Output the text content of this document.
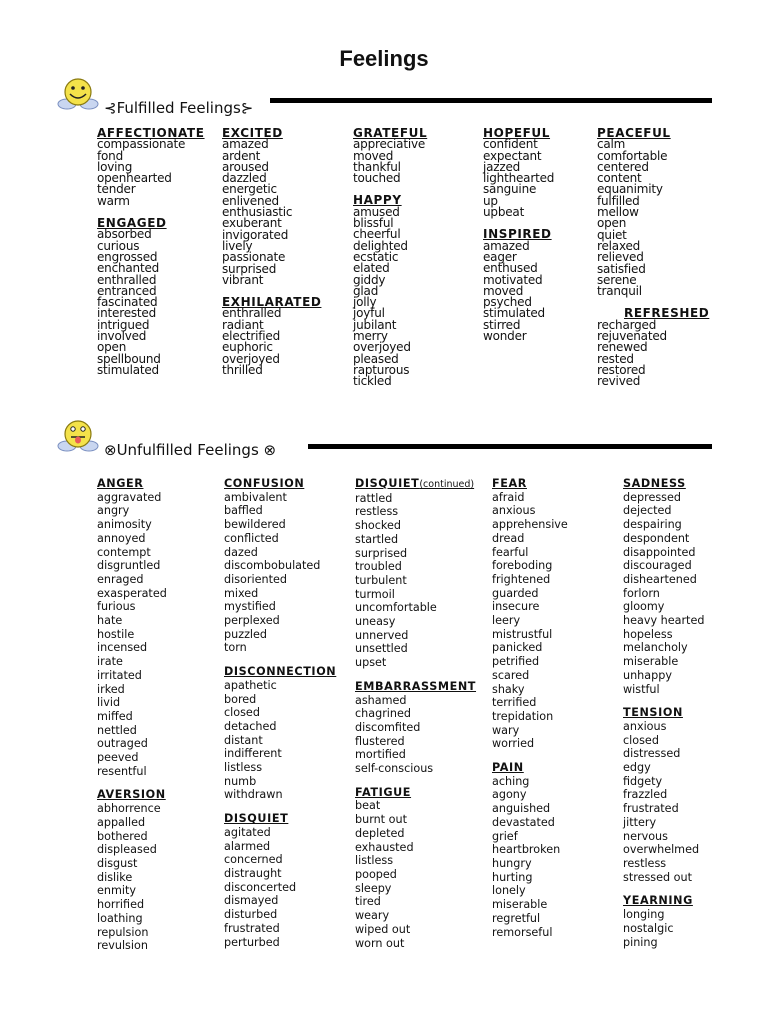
Feelings
⊰Fulfilled Feelings⊱
AFFECTIONATE
compassionate
fond
loving
openhearted
tender
warm
ENGAGED
absorbed
curious
engrossed
enchanted
enthralled
entranced
fascinated
interested
intrigued
involved
open
spellbound
stimulated
EXCITED
amazed
ardent
aroused
dazzled
energetic
enlivened
enthusiastic
exuberant
invigorated
lively
passionate
surprised
vibrant
EXHILARATED
enthralled
radiant
electrified
euphoric
overjoyed
thrilled
GRATEFUL
appreciative
moved
thankful
touched
HAPPY
amused
blissful
cheerful
delighted
ecstatic
elated
giddy
glad
jolly
joyful
jubilant
merry
overjoyed
pleased
rapturous
tickled
HOPEFUL
confident
expectant
jazzed
lighthearted
sanguine
up
upbeat
INSPIRED
amazed
eager
enthused
motivated
moved
psyched
stimulated
stirred
wonder
PEACEFUL
calm
comfortable
centered
content
equanimity
fulfilled
mellow
open
quiet
relaxed
relieved
satisfied
serene
tranquil
REFRESHED
recharged
rejuvenated
renewed
rested
restored
revived
⊗Unfulfilled Feelings ⊗
ANGER
aggravated
angry
animosity
annoyed
contempt
disgruntled
enraged
exasperated
furious
hate
hostile
incensed
irate
irritated
irked
livid
miffed
nettled
outraged
peeved
resentful
AVERSION
abhorrence
appalled
bothered
displeased
disgust
dislike
enmity
horrified
loathing
repulsion
revulsion
CONFUSION
ambivalent
baffled
bewildered
conflicted
dazed
discombobulated
disoriented
mixed
mystified
perplexed
puzzled
torn
DISCONNECTION
apathetic
bored
closed
detached
distant
indifferent
listless
numb
withdrawn
DISQUIET
agitated
alarmed
concerned
distraught
disconcerted
dismayed
disturbed
frustrated
perturbed
DISQUIET(continued)
rattled
restless
shocked
startled
surprised
troubled
turbulent
turmoil
uncomfortable
uneasy
unnerved
unsettled
upset
EMBARRASSMENT
ashamed
chagrined
discomfited
flustered
mortified
self-conscious
FATIGUE
beat
burnt out
depleted
exhausted
listless
pooped
sleepy
tired
weary
wiped out
worn out
FEAR
afraid
anxious
apprehensive
dread
fearful
foreboding
frightened
guarded
insecure
leery
mistrustful
panicked
petrified
scared
shaky
terrified
trepidation
wary
worried
PAIN
aching
agony
anguished
devastated
grief
heartbroken
hungry
hurting
lonely
miserable
regretful
remorseful
SADNESS
depressed
dejected
despairing
despondent
disappointed
discouraged
disheartened
forlorn
gloomy
heavy hearted
hopeless
melancholy
miserable
unhappy
wistful
TENSION
anxious
closed
distressed
edgy
fidgety
frazzled
frustrated
jittery
nervous
overwhelmed
restless
stressed out
YEARNING
longing
nostalgic
pining
